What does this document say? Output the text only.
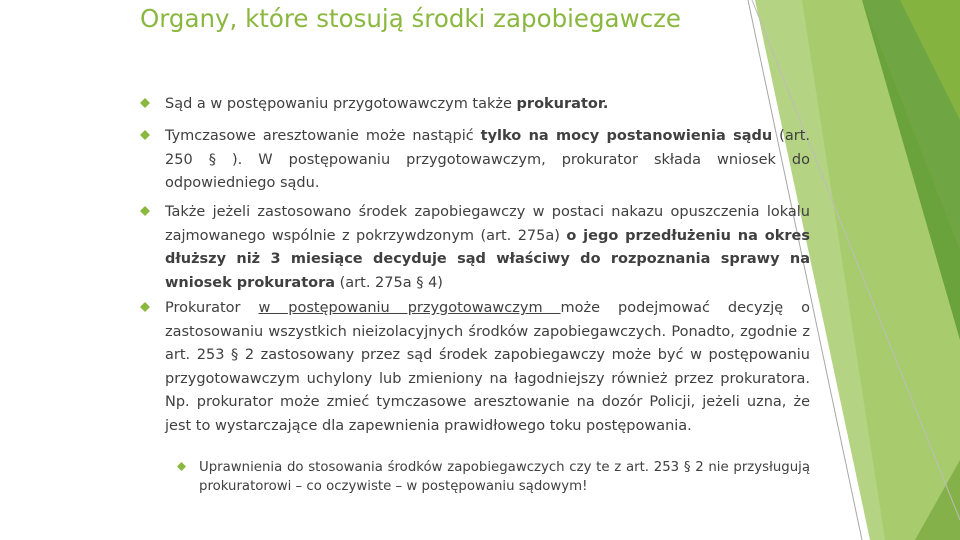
Organy, które stosują środki zapobiegawcze
Sąd a w postępowaniu przygotowawczym także prokurator.
Tymczasowe aresztowanie może nastąpić tylko na mocy postanowienia sądu (art. 250 § ). W postępowaniu przygotowawczym, prokurator składa wniosek do odpowiedniego sądu.
Także jeżeli zastosowano środek zapobiegawczy w postaci nakazu opuszczenia lokalu zajmowanego wspólnie z pokrzywdzonym (art. 275a) o jego przedłużeniu na okres dłuższy niż 3 miesiące decyduje sąd właściwy do rozpoznania sprawy na wniosek prokuratora (art. 275a § 4)
Prokurator w postępowaniu przygotowawczym może podejmować decyzję o zastosowaniu wszystkich nieizolacyjnych środków zapobiegawczych. Ponadto, zgodnie z art. 253 § 2 zastosowany przez sąd środek zapobiegawczy może być w postępowaniu przygotowawczym uchylony lub zmieniony na łagodniejszy również przez prokuratora. Np. prokurator może zmieć tymczasowe aresztowanie na dozór Policji, jeżeli uzna, że jest to wystarczające dla zapewnienia prawidłowego toku postępowania.
Uprawnienia do stosowania środków zapobiegawczych czy te z art. 253 § 2 nie przysługują prokuratorowi – co oczywiste – w postępowaniu sądowym!
